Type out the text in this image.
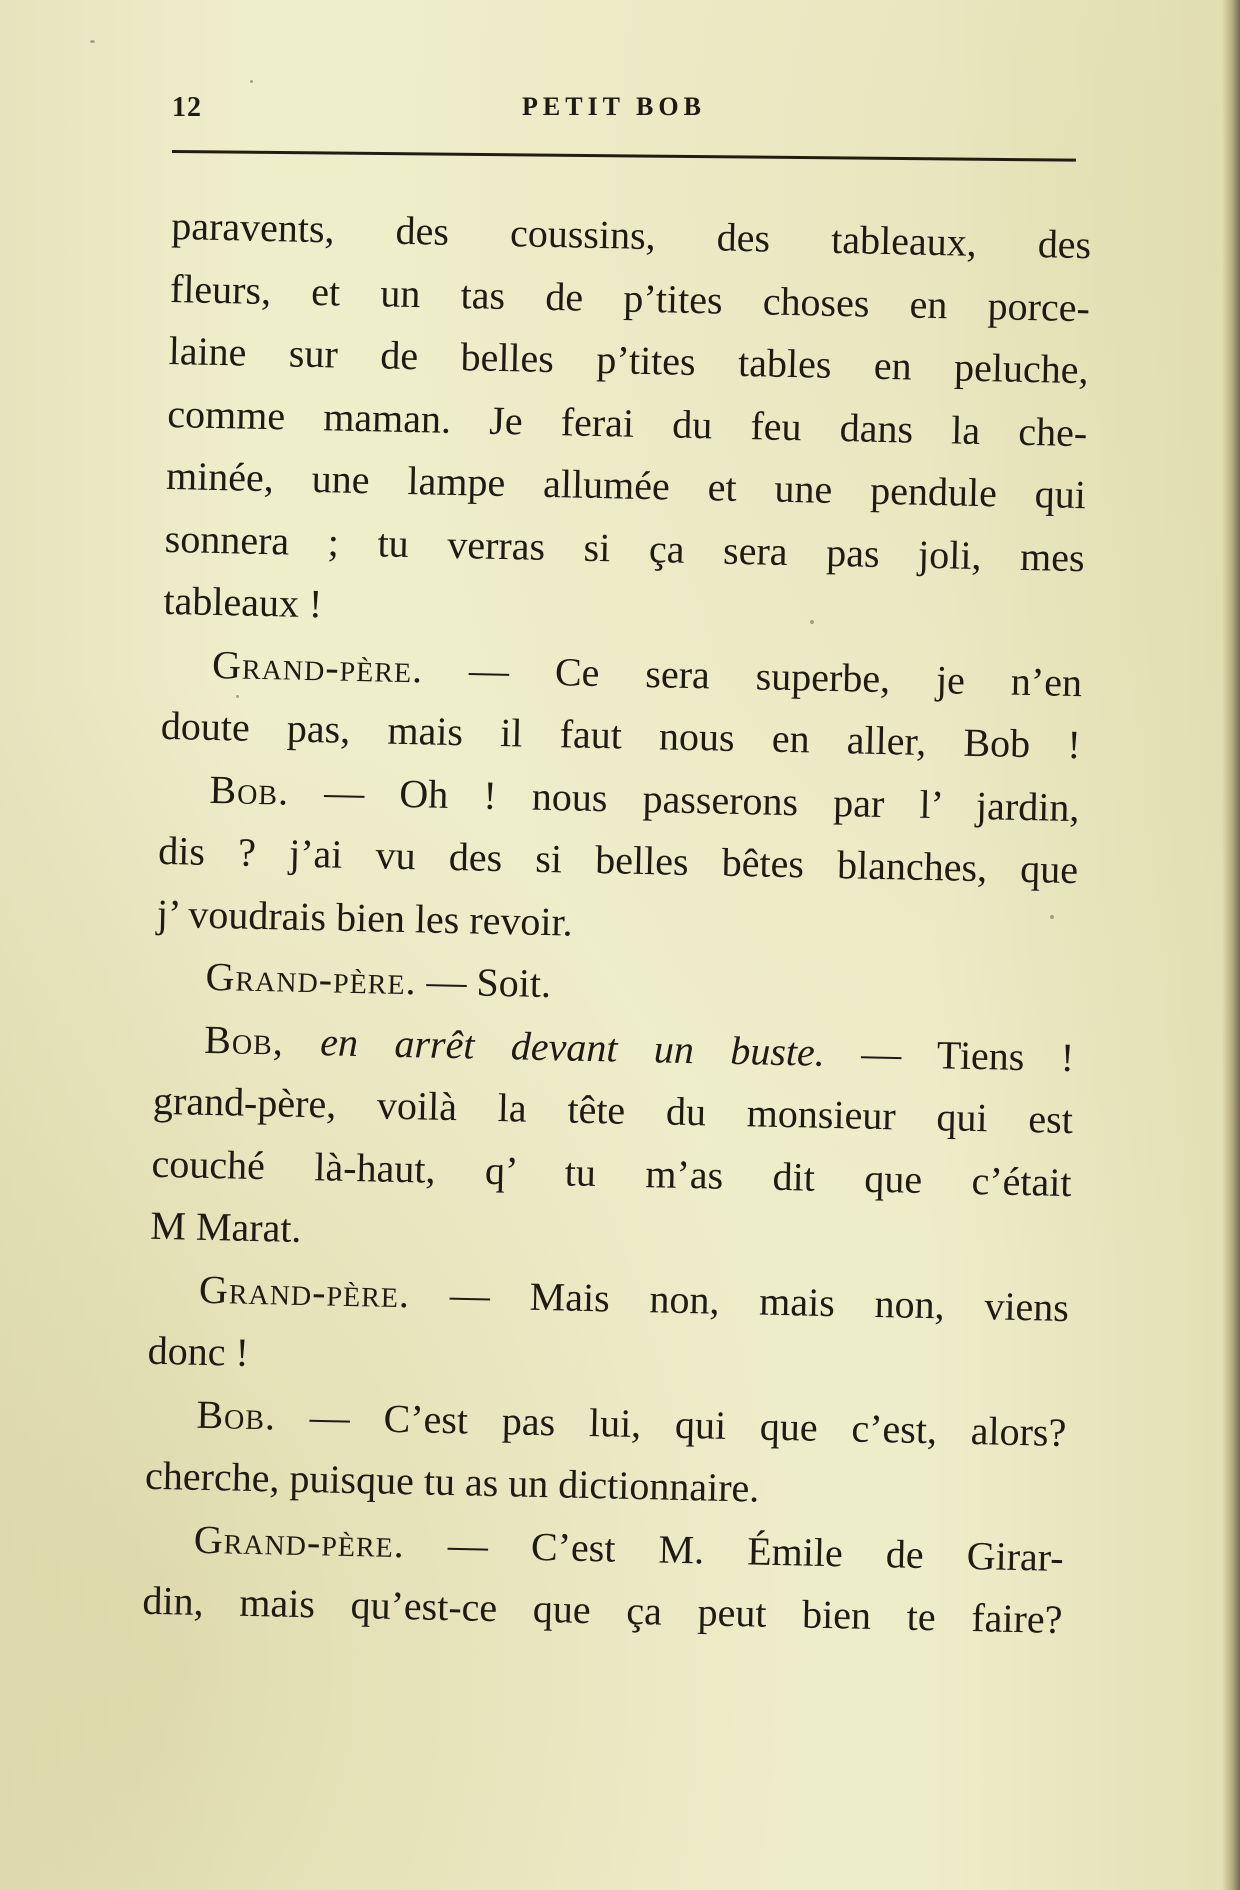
12	PETIT BOB
paravents, des coussins, des tableaux, des
fleurs, et un tas de p’tites choses en porce-
laine sur de belles p’tites tables en peluche,
comme maman. Je ferai du feu dans la che-
minée, une lampe allumée et une pendule qui
sonnera ; tu verras si ça sera pas joli, mes
tableaux !
Grand-père. — Ce sera superbe, je n’en
doute pas, mais il faut nous en aller, Bob !
Bob. — Oh ! nous passerons par l’ jardin,
dis ? j’ai vu des si belles bêtes blanches, que
j’ voudrais bien les revoir.
Grand-père. — Soit.
Bob, en arrêt devant un buste. — Tiens !
grand-père, voilà la tête du monsieur qui est
couché là-haut, q’ tu m’as dit que c’était
M Marat.
Grand-père. — Mais non, mais non, viens
donc !
Bob. — C’est pas lui, qui que c’est, alors?
cherche, puisque tu as un dictionnaire.
Grand-père. — C’est M. Émile de Girar-
din, mais qu’est-ce que ça peut bien te faire?
